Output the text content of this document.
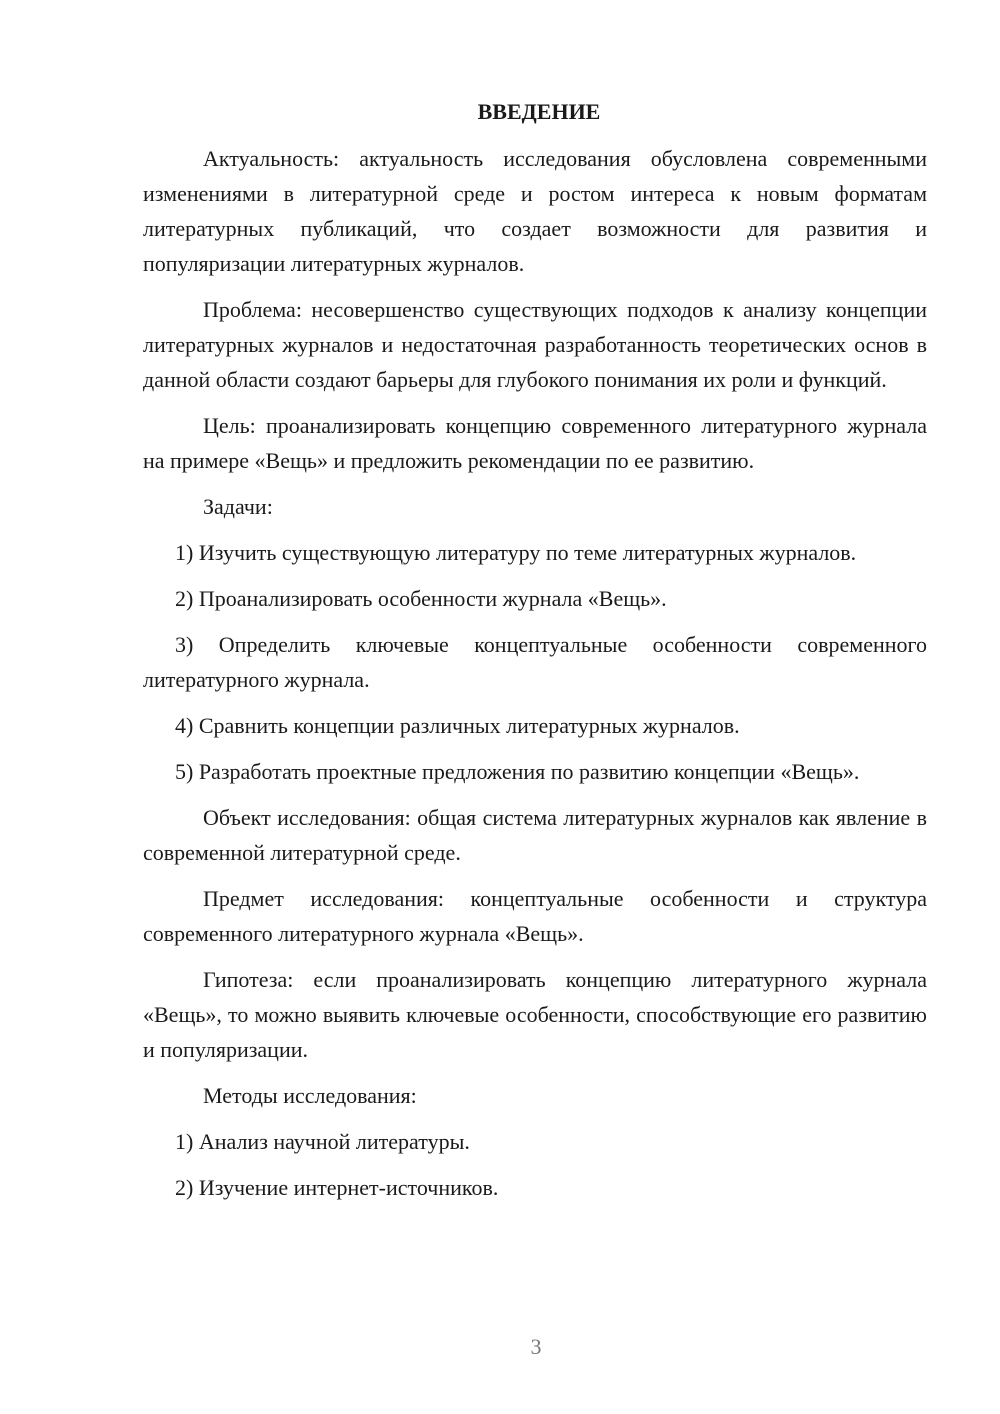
ВВЕДЕНИЕ

Актуальность: актуальность исследования обусловлена современными изменениями в литературной среде и ростом интереса к новым форматам литературных публикаций, что создает возможности для развития и популяризации литературных журналов.

Проблема: несовершенство существующих подходов к анализу концепции литературных журналов и недостаточная разработанность теоретических основ в данной области создают барьеры для глубокого понимания их роли и функций.

Цель: проанализировать концепцию современного литературного журнала на примере «Вещь» и предложить рекомендации по ее развитию.

Задачи:

1) Изучить существующую литературу по теме литературных журналов.

2) Проанализировать особенности журнала «Вещь».

3) Определить ключевые концептуальные особенности современного литературного журнала.

4) Сравнить концепции различных литературных журналов.

5) Разработать проектные предложения по развитию концепции «Вещь».

Объект исследования: общая система литературных журналов как явление в современной литературной среде.

Предмет исследования: концептуальные особенности и структура современного литературного журнала «Вещь».

Гипотеза: если проанализировать концепцию литературного журнала «Вещь», то можно выявить ключевые особенности, способствующие его развитию и популяризации.

Методы исследования:

1) Анализ научной литературы.

2) Изучение интернет-источников.

3
